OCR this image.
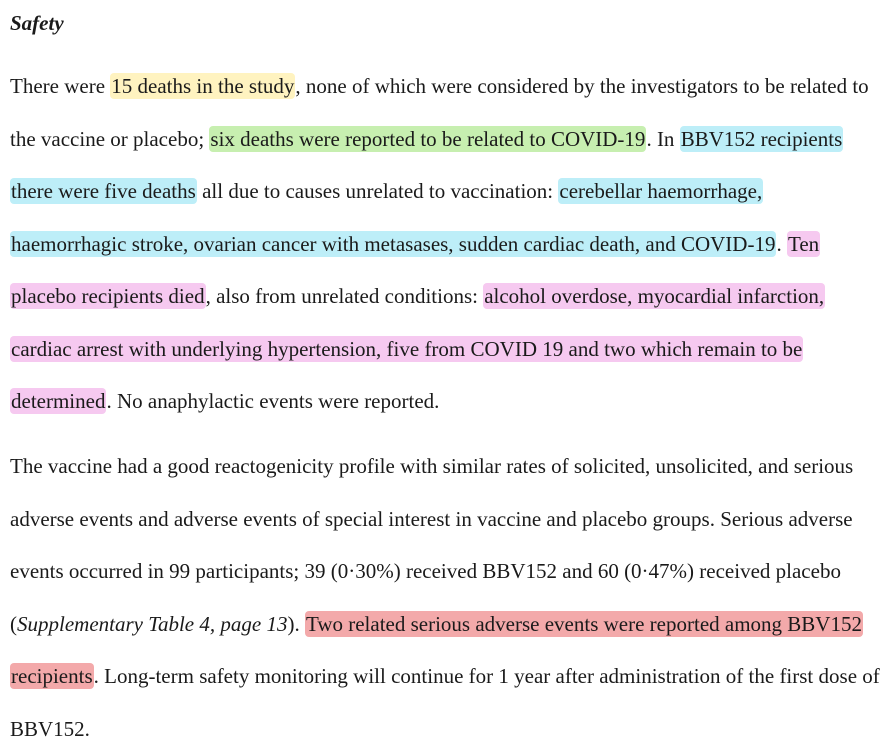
Safety

There were 15 deaths in the study, none of which were considered by the investigators to be related to the vaccine or placebo; six deaths were reported to be related to COVID-19. In BBV152 recipients there were five deaths all due to causes unrelated to vaccination: cerebellar haemorrhage, haemorrhagic stroke, ovarian cancer with metasases, sudden cardiac death, and COVID-19. Ten placebo recipients died, also from unrelated conditions: alcohol overdose, myocardial infarction, cardiac arrest with underlying hypertension, five from COVID 19 and two which remain to be determined. No anaphylactic events were reported.

The vaccine had a good reactogenicity profile with similar rates of solicited, unsolicited, and serious adverse events and adverse events of special interest in vaccine and placebo groups. Serious adverse events occurred in 99 participants; 39 (0·30%) received BBV152 and 60 (0·47%) received placebo (Supplementary Table 4, page 13). Two related serious adverse events were reported among BBV152 recipients. Long-term safety monitoring will continue for 1 year after administration of the first dose of BBV152.
